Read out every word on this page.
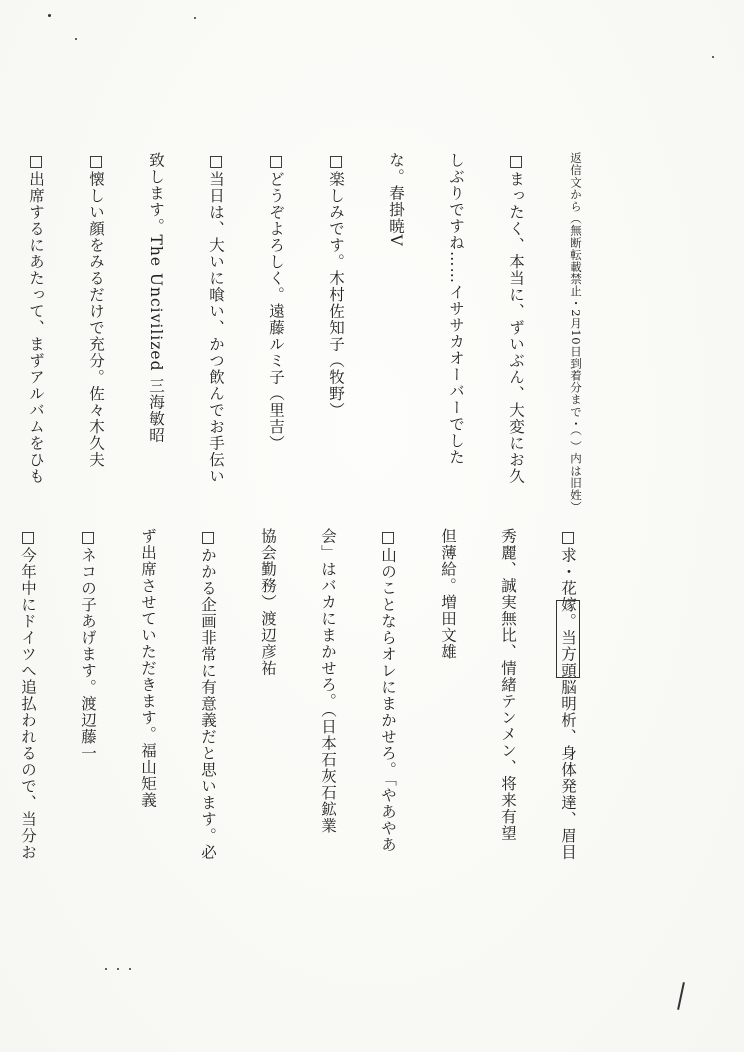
返信文から（無断転載禁止・2月10日到着分まで・（ ）内は旧姓）

□まったく、本当に、ずいぶん、大変にお久

しぶりですね……イササカオーバーでした

な。春掛暁V

□楽しみです。木村佐知子（牧野）

□どうぞよろしく。遠藤ルミ子（里吉）

□当日は、大いに喰い、かつ飲んでお手伝い

致します。The Uncivilized 三海敏昭

□懐しい顔をみるだけで充分。佐々木久夫

□出席するにあたって、まずアルバムをひも

□求・花嫁。当方頭脳明析、身体発達、眉目

秀麗、誠実無比、情緒テンメン、将来有望

但薄給。増田文雄

□山のことならオレにまかせろ。「やあやあ

会」はバカにまかせろ。（日本石灰石鉱業

協会勤務）渡辺彦祐

□かかる企画非常に有意義だと思います。必

ず出席させていただきます。福山矩義

□ネコの子あげます。渡辺藤一

□今年中にドイツへ追払われるので、当分お
